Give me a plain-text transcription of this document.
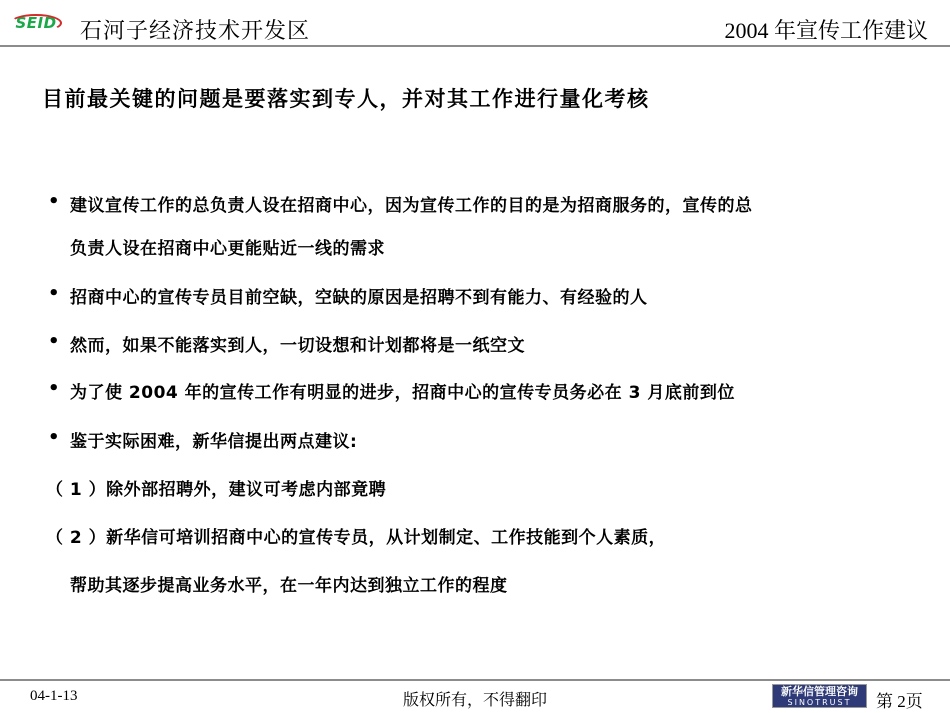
SEID 石河子经济技术开发区	2004 年宣传工作建议
目前最关键的问题是要落实到专人，并对其工作进行量化考核
• 建议宣传工作的总负责人设在招商中心，因为宣传工作的目的是为招商服务的，宣传的总
负责人设在招商中心更能贴近一线的需求
• 招商中心的宣传专员目前空缺，空缺的原因是招聘不到有能力、有经验的人
• 然而，如果不能落实到人，一切设想和计划都将是一纸空文
• 为了使 2004 年的宣传工作有明显的进步，招商中心的宣传专员务必在 3 月底前到位
• 鉴于实际困难，新华信提出两点建议:
（ 1 ）除外部招聘外，建议可考虑内部竟聘
（ 2 ）新华信可培训招商中心的宣传专员，从计划制定、工作技能到个人素质，
帮助其逐步提高业务水平，在一年内达到独立工作的程度
04-1-13	版权所有，不得翻印	新华信管理咨询
SINOTRUST 第 2页
